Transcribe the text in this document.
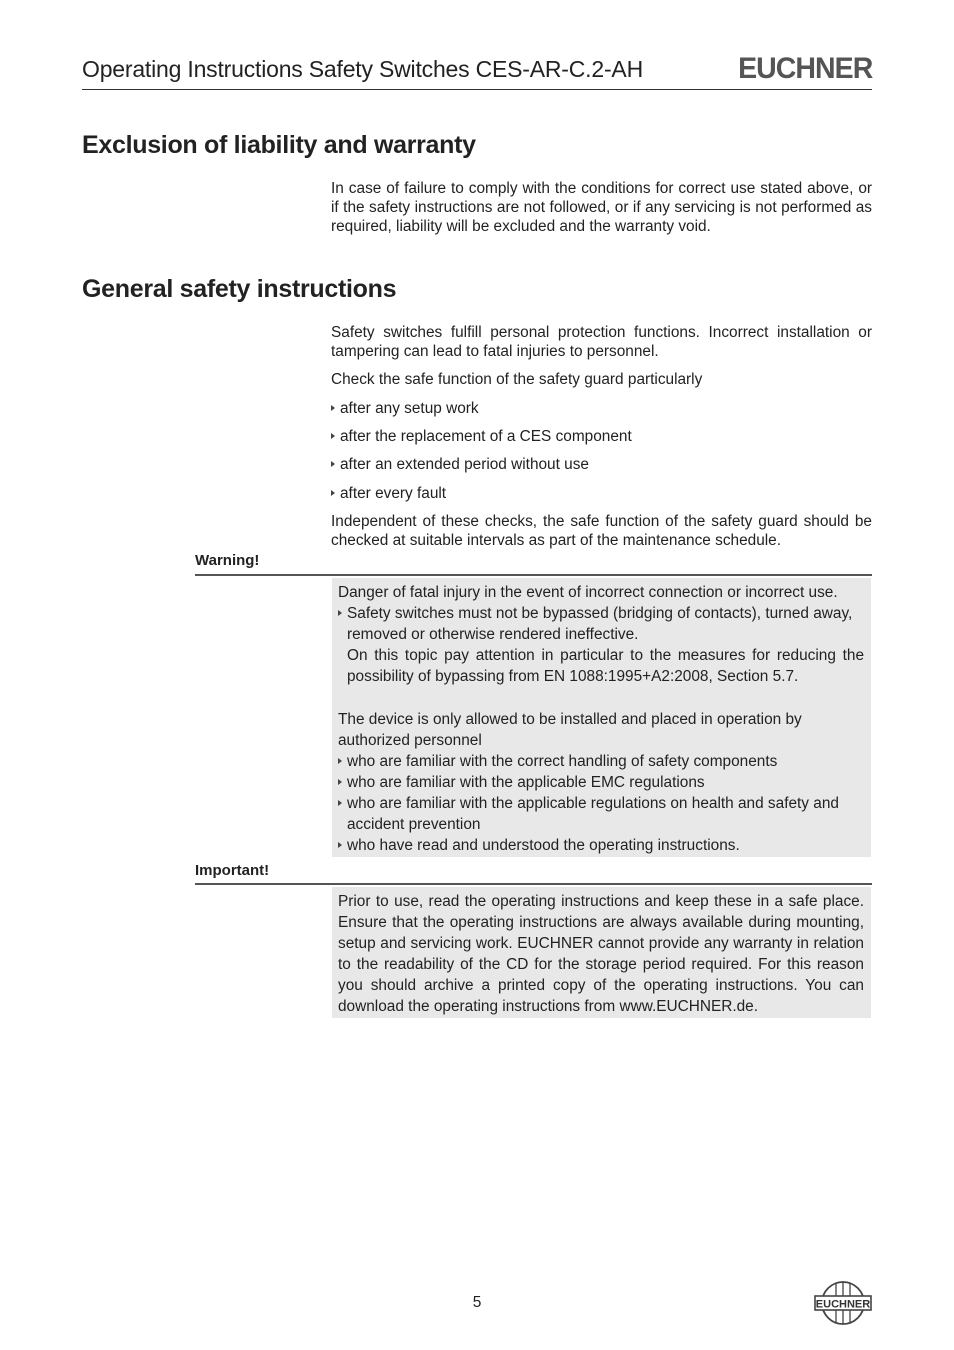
Operating Instructions Safety Switches CES-AR-C.2-AH	EUCHNER
Exclusion of liability and warranty

In case of failure to comply with the conditions for correct use stated above, or if the safety instructions are not followed, or if any servicing is not performed as required, liability will be excluded and the warranty void.

General safety instructions

Safety switches fulfill personal protection functions. Incorrect installation or tampering can lead to fatal injuries to personnel.

Check the safe function of the safety guard particularly

after any setup work

after the replacement of a CES component

after an extended period without use

after every fault

Independent of these checks, the safe function of the safety guard should be checked at suitable intervals as part of the maintenance schedule.

Warning!

Danger of fatal injury in the event of incorrect connection or incorrect use.

Safety switches must not be bypassed (bridging of contacts), turned away, removed or otherwise rendered ineffective.

On this topic pay attention in particular to the measures for reducing the possibility of bypassing from EN 1088:1995+A2:2008, Section 5.7.

The device is only allowed to be installed and placed in operation by authorized personnel

who are familiar with the correct handling of safety components

who are familiar with the applicable EMC regulations

who are familiar with the applicable regulations on health and safety and accident prevention

who have read and understood the operating instructions.

Important!

Prior to use, read the operating instructions and keep these in a safe place. Ensure that the operating instructions are always available during mounting, setup and servicing work. EUCHNER cannot provide any warranty in relation to the readability of the CD for the storage period required. For this reason you should archive a printed copy of the operating instructions. You can download the operating instructions from www.EUCHNER.de.

5	EUCHNER
